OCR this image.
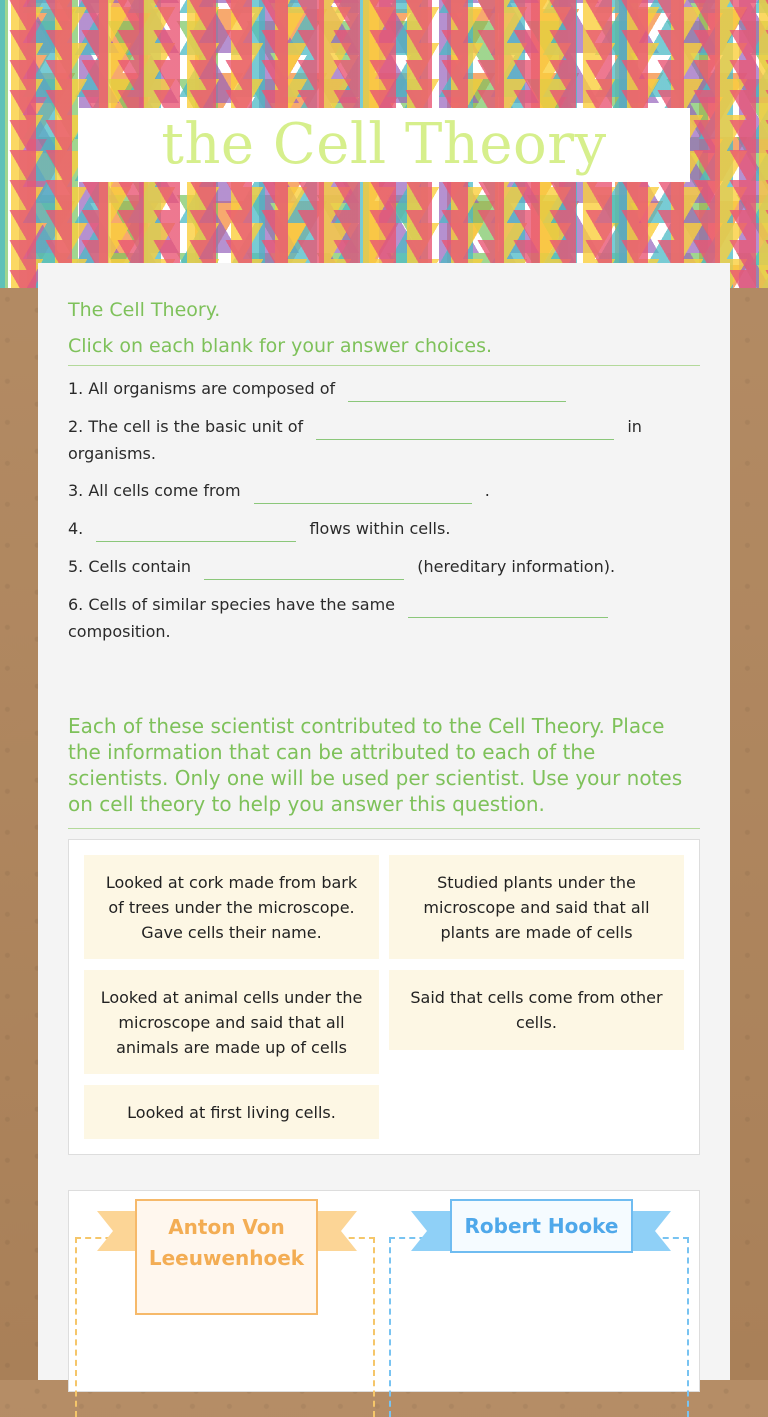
the Cell Theory
The Cell Theory.
Click on each blank for your answer choices.
1. All organisms are composed of
2. The cell is the basic unit of	in
organisms.
3. All cells come from	.
4.	flows within cells.
5. Cells contain	(hereditary information).
6. Cells of similar species have the same
composition.
Each of these scientist contributed to the Cell Theory. Place the information that can be attributed to each of the scientists. Only one will be used per scientist. Use your notes on cell theory to help you answer this question.
Looked at cork made from bark of trees under the microscope. Gave cells their name.
Studied plants under the microscope and said that all plants are made of cells
Looked at animal cells under the microscope and said that all animals are made up of cells
Said that cells come from other cells.
Looked at first living cells.
Anton Von Leeuwenhoek
Robert Hooke
